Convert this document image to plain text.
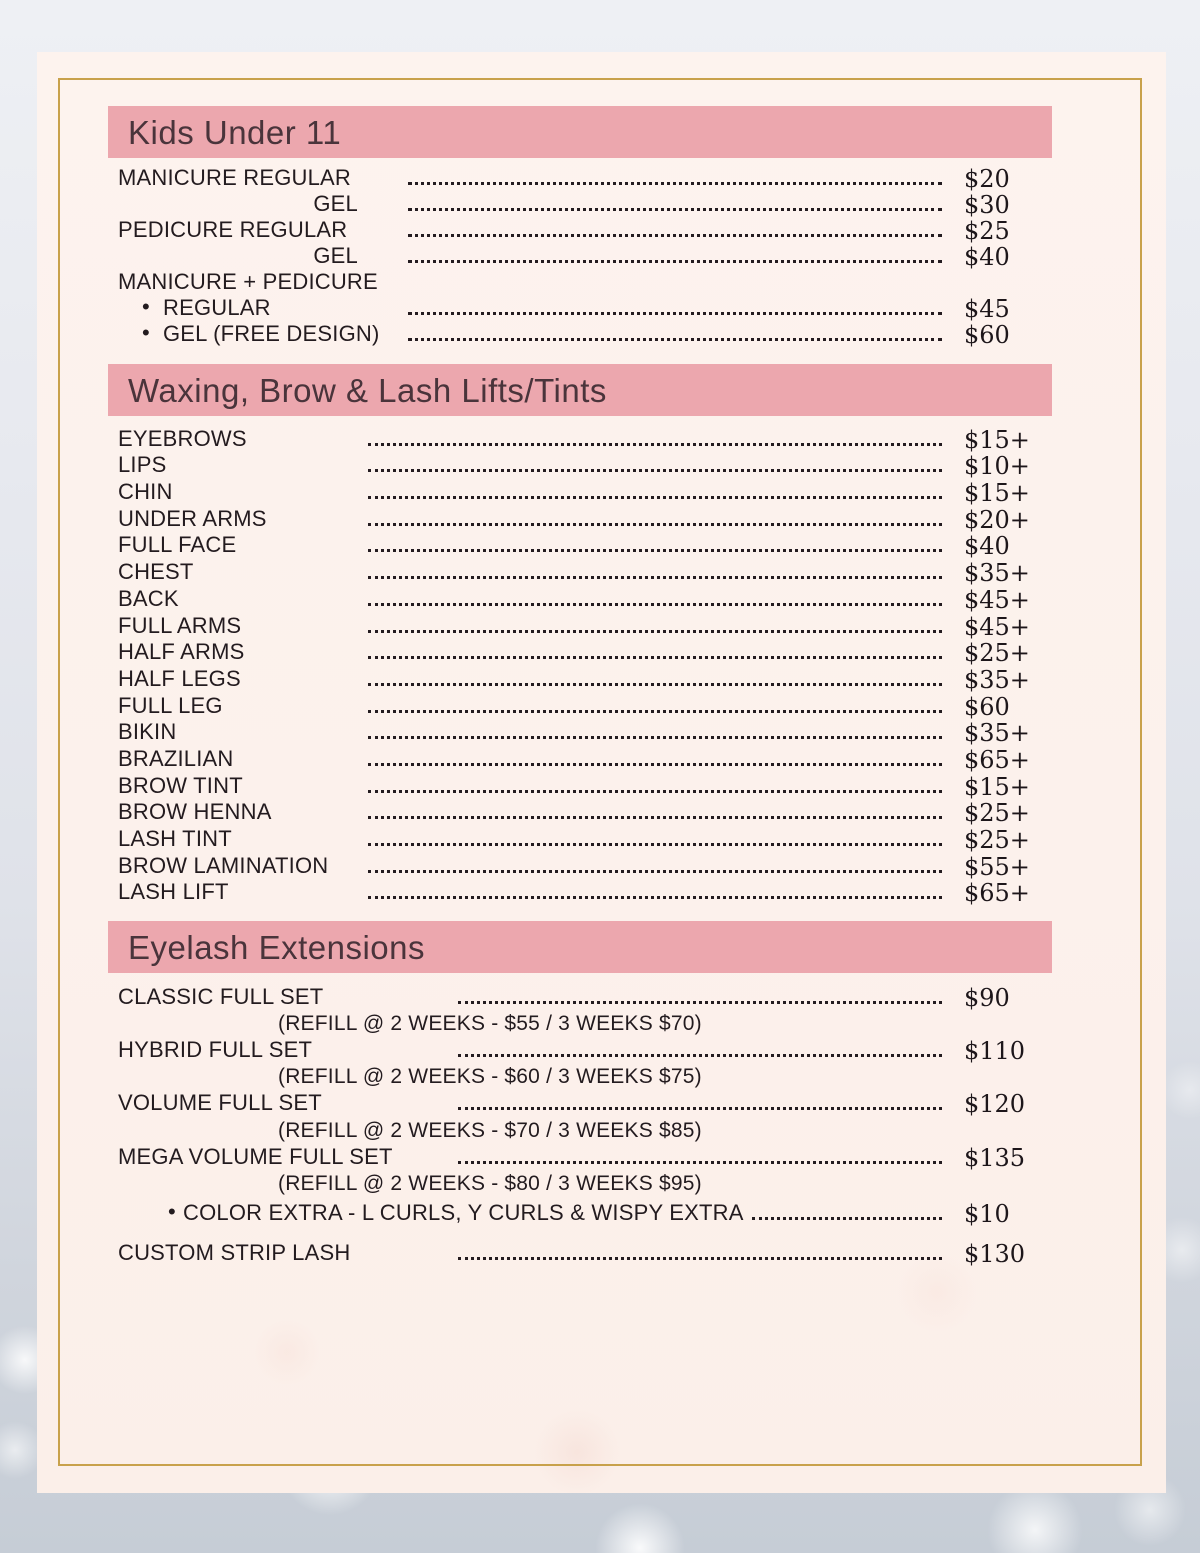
Kids Under 11
MANICURE REGULAR	$20
GEL	$30
PEDICURE REGULAR	$25
GEL	$40
MANICURE + PEDICURE
• REGULAR	$45
• GEL (FREE DESIGN)	$60
Waxing, Brow & Lash Lifts/Tints
EYEBROWS	$15+
LIPS	$10+
CHIN	$15+
UNDER ARMS	$20+
FULL FACE	$40
CHEST	$35+
BACK	$45+
FULL ARMS	$45+
HALF ARMS	$25+
HALF LEGS	$35+
FULL LEG	$60
BIKIN	$35+
BRAZILIAN	$65+
BROW TINT	$15+
BROW HENNA	$25+
LASH TINT	$25+
BROW LAMINATION	$55+
LASH LIFT	$65+
Eyelash Extensions
CLASSIC FULL SET	$90
(REFILL @ 2 WEEKS - $55 / 3 WEEKS $70)
HYBRID FULL SET	$110
(REFILL @ 2 WEEKS - $60 / 3 WEEKS $75)
VOLUME FULL SET	$120
(REFILL @ 2 WEEKS - $70 / 3 WEEKS $85)
MEGA VOLUME FULL SET	$135
(REFILL @ 2 WEEKS - $80 / 3 WEEKS $95)
• COLOR EXTRA - L CURLS, Y CURLS & WISPY EXTRA	$10
CUSTOM STRIP LASH	$130
